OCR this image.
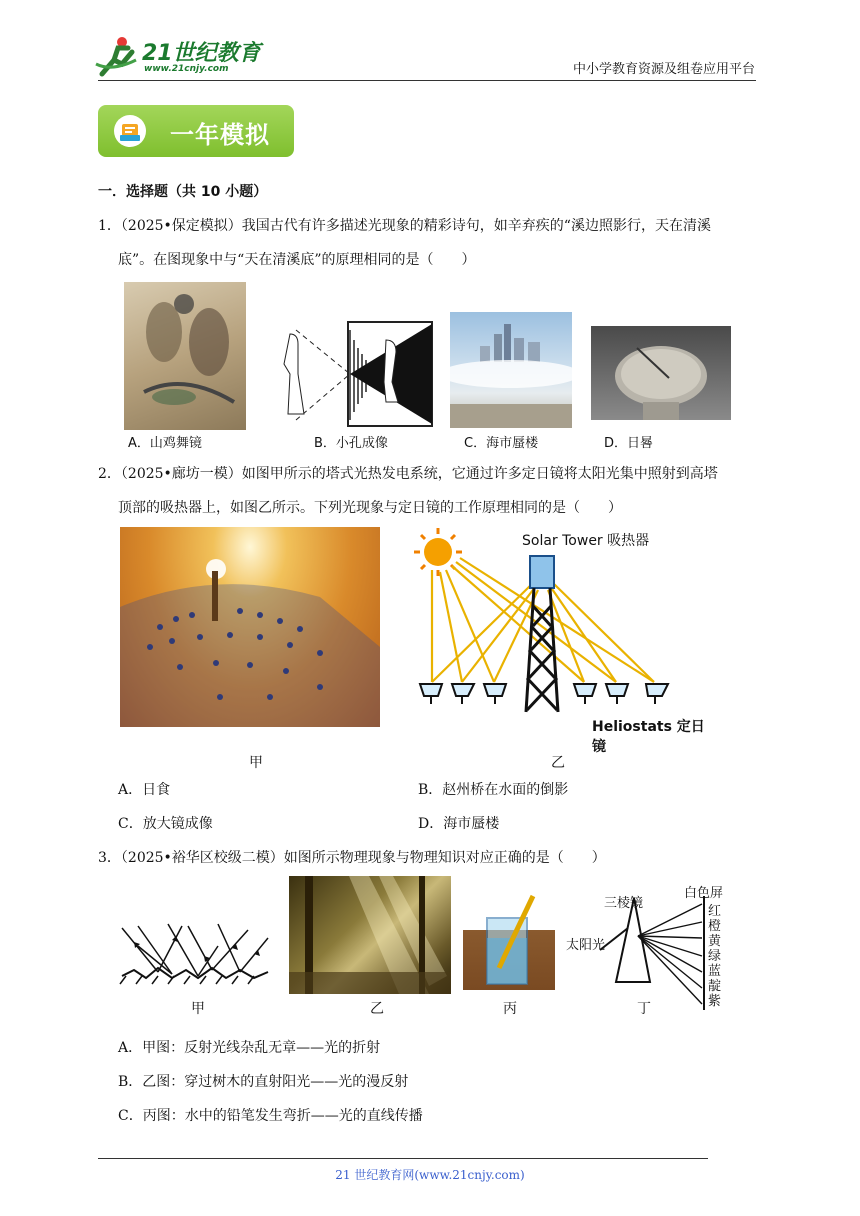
21世纪教育
www.21cnjy.com	中小学教育资源及组卷应用平台
一年模拟
一．选择题（共 10 小题）
1．（2025•保定模拟）我国古代有许多描述光现象的精彩诗句，如辛弃疾的“溪边照影行，天在清溪
底”。在图现象中与“天在清溪底”的原理相同的是（　　）
A．山鸡舞镜	B．小孔成像	C．海市蜃楼	D．日晷
2．（2025•廊坊一模）如图甲所示的塔式光热发电系统，它通过许多定日镜将太阳光集中照射到高塔
顶部的吸热器上，如图乙所示。下列光现象与定日镜的工作原理相同的是（　　）
甲
Solar Tower 吸热器
Heliostats 定日镜
乙
A．日食	B．赵州桥在水面的倒影
C．放大镜成像	D．海市蜃楼
3．（2025•裕华区校级二模）如图所示物理现象与物理知识对应正确的是（　　）
三棱镜
白色屏
太阳光
红
橙
黄
绿
蓝
靛
紫
甲	乙	丙	丁
A．甲图：反射光线杂乱无章——光的折射
B．乙图：穿过树木的直射阳光——光的漫反射
C．丙图：水中的铅笔发生弯折——光的直线传播
21 世纪教育网(www.21cnjy.com)
